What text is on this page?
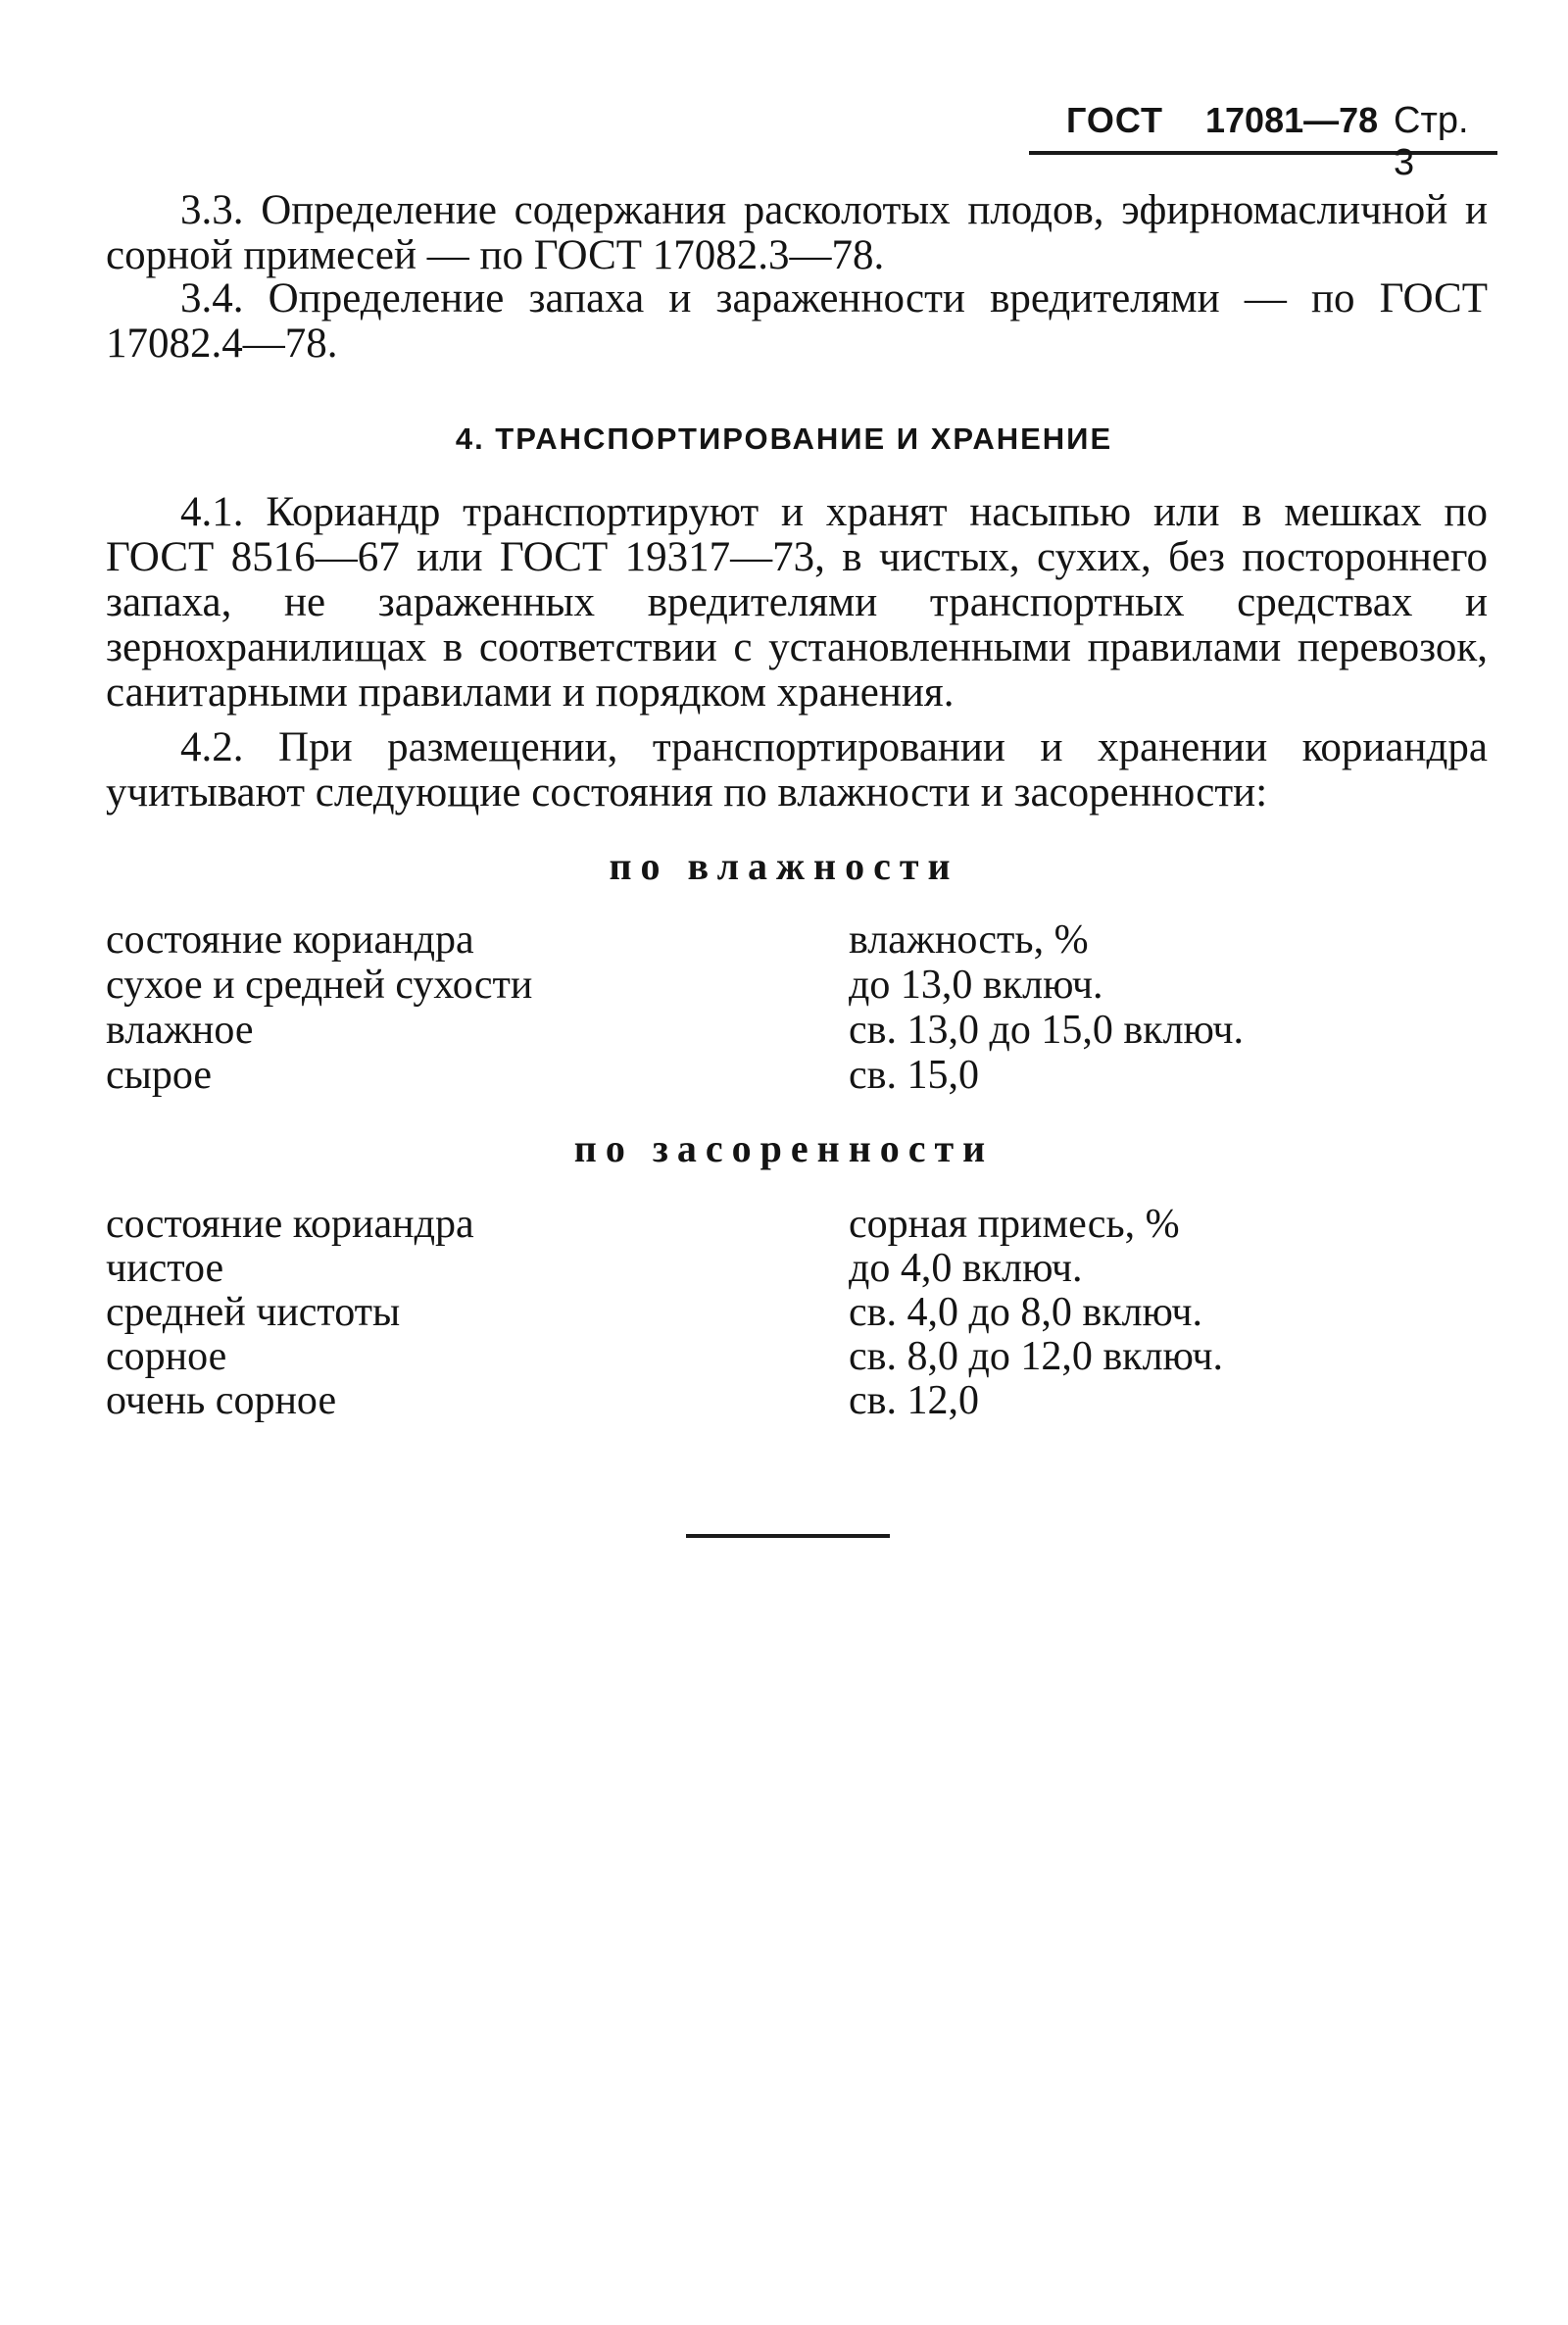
ГОСТ 17081—78 Стр. 3

3.3. Определение содержания расколотых плодов, эфирномасличной и сорной примесей — по ГОСТ 17082.3—78.

3.4. Определение запаха и зараженности вредителями — по ГОСТ 17082.4—78.

4. ТРАНСПОРТИРОВАНИЕ И ХРАНЕНИЕ

4.1. Кориандр транспортируют и хранят насыпью или в мешках по ГОСТ 8516—67 или ГОСТ 19317—73, в чистых, сухих, без постороннего запаха, не зараженных вредителями транспортных средствах и зернохранилищах в соответствии с установленными правилами перевозок, санитарными правилами и порядком хранения.

4.2. При размещении, транспортировании и хранении кориандра учитывают следующие состояния по влажности и засоренности:

по влажности
состояние кориандра	влажность, %
сухое и средней сухости	до 13,0 включ.
влажное	св. 13,0 до 15,0 включ.
сырое	св. 15,0
по засоренности
состояние кориандра	сорная примесь, %
чистое	до 4,0 включ.
средней чистоты	св. 4,0 до 8,0 включ.
сорное	св. 8,0 до 12,0 включ.
очень сорное	св. 12,0
